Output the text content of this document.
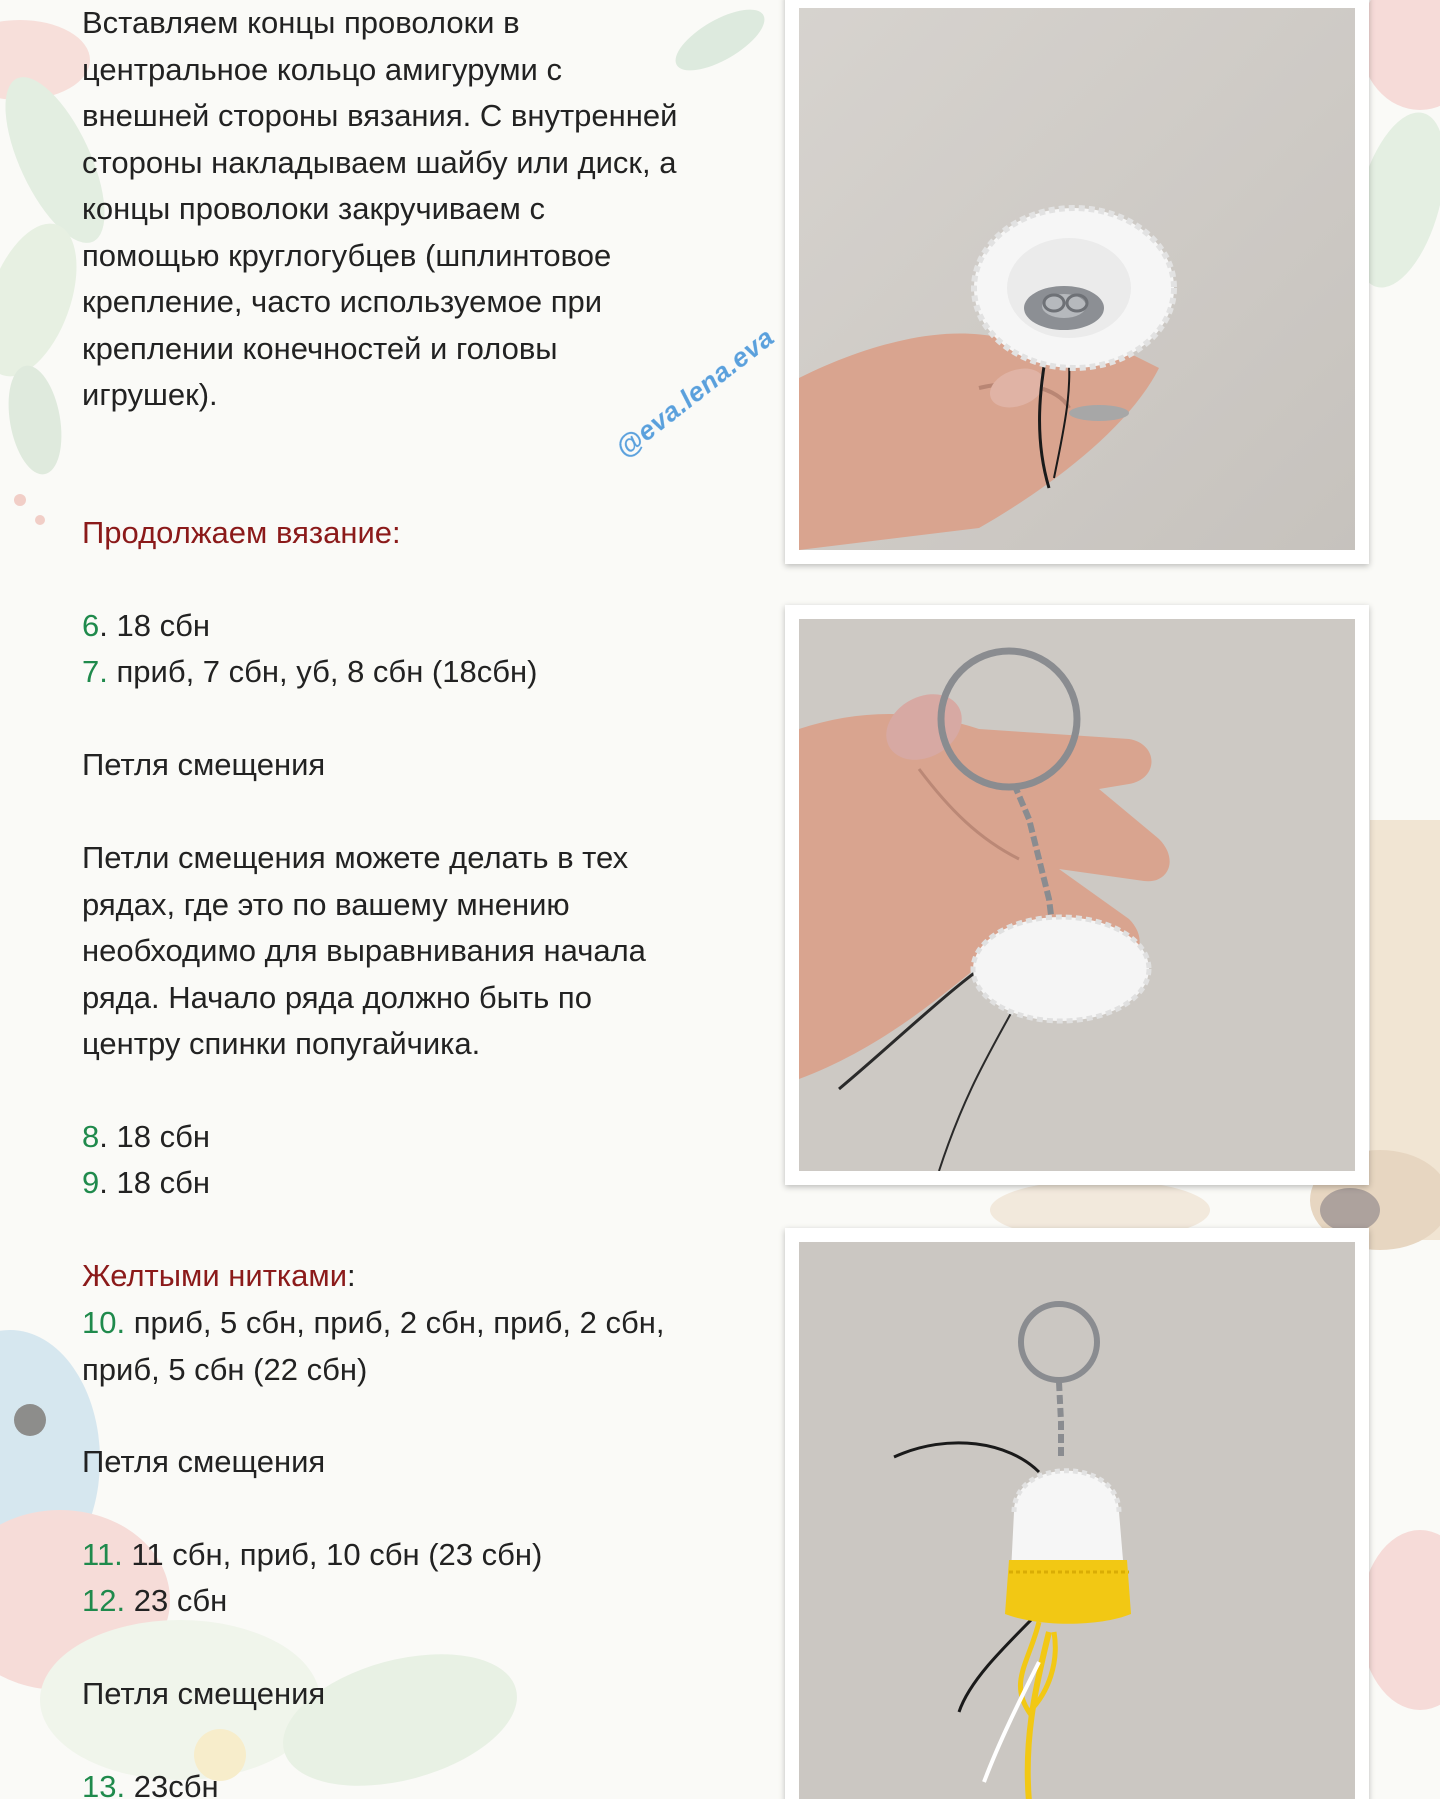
Вставляем концы проволоки в
центральное кольцо амигуруми с
внешней стороны вязания. С внутренней
стороны накладываем шайбу или диск, а
концы проволоки закручиваем с
помощью круглогубцев (шплинтовое
крепление, часто используемое при
креплении конечностей и головы
игрушек).
Продолжаем вязание:
6. 18 сбн
7. приб, 7 сбн, уб, 8 сбн (18сбн)
Петля смещения
Петли смещения можете делать в тех
рядах, где это по вашему мнению
необходимо для выравнивания начала
ряда. Начало ряда должно быть по
центру спинки попугайчика.
8. 18 сбн
9. 18 сбн
Желтыми нитками:
10. приб, 5 сбн, приб, 2 сбн, приб, 2 сбн,
приб, 5 сбн (22 сбн)
Петля смещения
11. 11 сбн, приб, 10 сбн (23 сбн)
12. 23 сбн
Петля смещения
13. 23сбн
@eva.lena.eva
